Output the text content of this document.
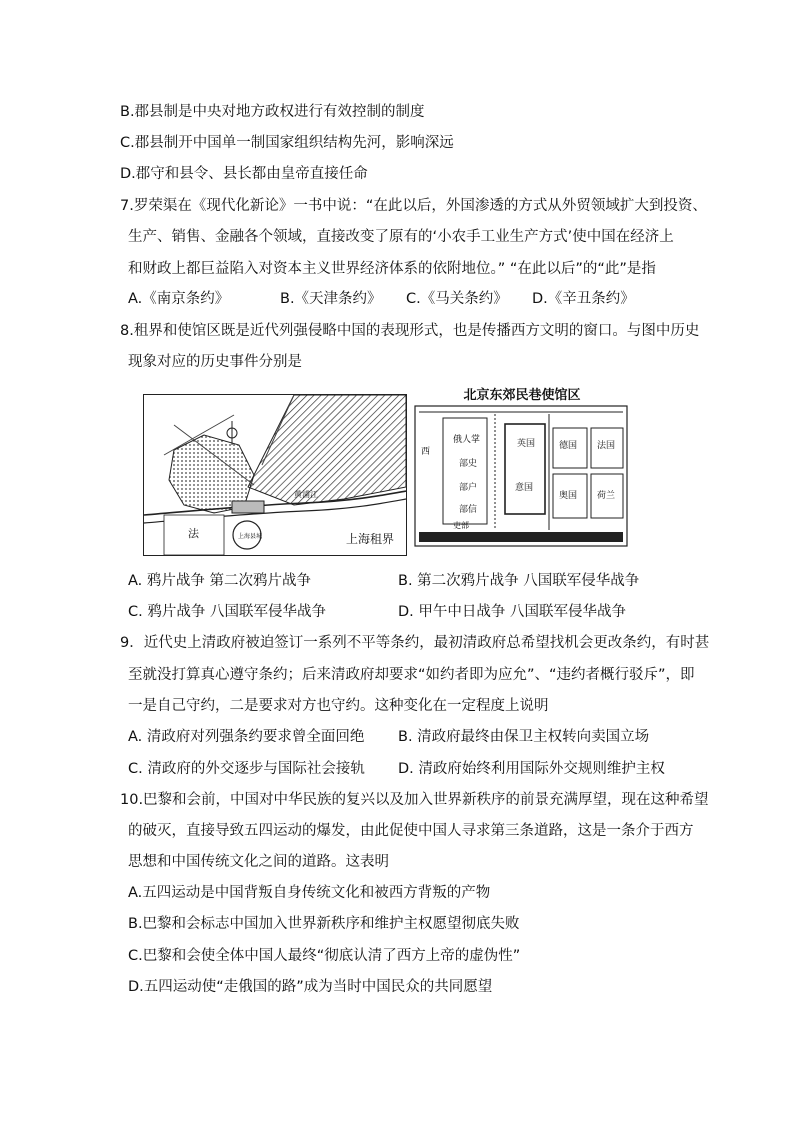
B.郡县制是中央对地方政权进行有效控制的制度
C.郡县制开中国单一制国家组织结构先河，影响深远
D.郡守和县令、县长都由皇帝直接任命
7.罗荣渠在《现代化新论》一书中说：“在此以后，外国渗透的方式从外贸领域扩大到投资、
生产、销售、金融各个领域，直接改变了原有的‘小农手工业生产方式’使中国在经济上
和财政上都巨益陷入对资本主义世界经济体系的依附地位。” “在此以后”的“此”是指
A.《南京条约》	B.《天津条约》 C.《马关条约》 D.《辛丑条约》
8.租界和使馆区既是近代列强侵略中国的表现形式，也是传播西方文明的窗口。与图中历史
现象对应的历史事件分别是
法	上海县城
黄浦江
上海租界
北京东郊民巷使馆区
俄人掌
部史
部户
部信
英国
意国
德国 法国
奥国 荷兰
西
吏部
A. 鸦片战争 第二次鸦片战争	B. 第二次鸦片战争 八国联军侵华战争
C. 鸦片战争 八国联军侵华战争	D. 甲午中日战争 八国联军侵华战争
9．近代史上清政府被迫签订一系列不平等条约，最初清政府总希望找机会更改条约，有时甚
至就没打算真心遵守条约；后来清政府却要求“如约者即为应允”、“违约者概行驳斥”，即
一是自己守约，二是要求对方也守约。这种变化在一定程度上说明
A. 清政府对列强条约要求曾全面回绝 B. 清政府最终由保卫主权转向卖国立场
C. 清政府的外交逐步与国际社会接轨 D. 清政府始终利用国际外交规则维护主权
10.巴黎和会前，中国对中华民族的复兴以及加入世界新秩序的前景充满厚望，现在这种希望
的破灭，直接导致五四运动的爆发，由此促使中国人寻求第三条道路，这是一条介于西方
思想和中国传统文化之间的道路。这表明
A.五四运动是中国背叛自身传统文化和被西方背叛的产物
B.巴黎和会标志中国加入世界新秩序和维护主权愿望彻底失败
C.巴黎和会使全体中国人最终“彻底认清了西方上帝的虚伪性”
D.五四运动使“走俄国的路”成为当时中国民众的共同愿望
